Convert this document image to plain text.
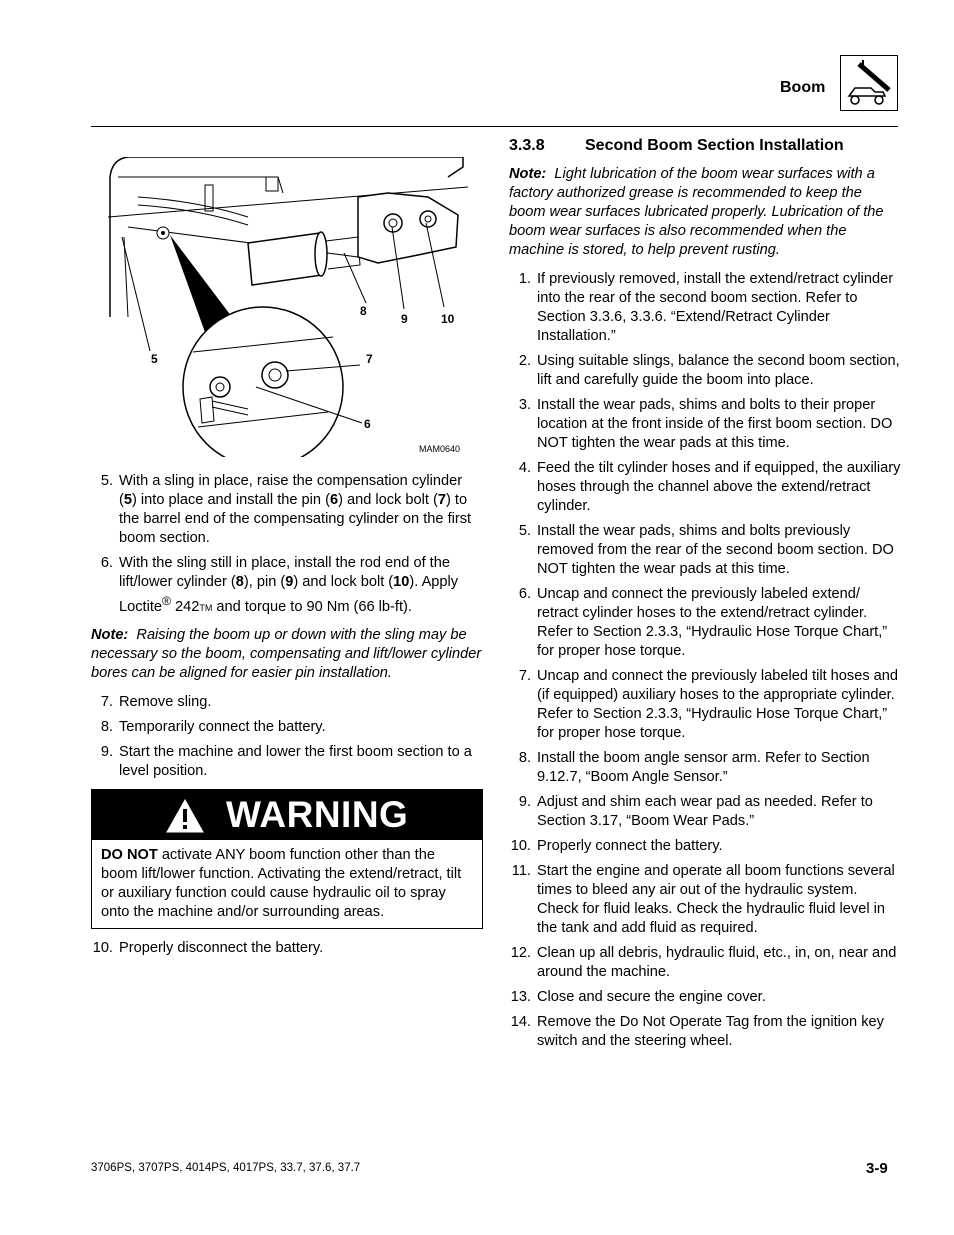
Boom
5	7
6
8
9	10
MAM0640
5. With a sling in place, raise the compensation cylinder (5) into place and install the pin (6) and lock bolt (7) to the barrel end of the compensating cylinder on the first boom section.
6. With the sling still in place, install the rod end of the lift/lower cylinder (8), pin (9) and lock bolt (10). Apply Loctite® 242TM and torque to 90 Nm (66 lb-ft).

Note: Raising the boom up or down with the sling may be necessary so the boom, compensating and lift/lower cylinder bores can be aligned for easier pin installation.

7. Remove sling.
8. Temporarily connect the battery.
9. Start the machine and lower the first boom section to a level position.
WARNING
DO NOT activate ANY boom function other than the boom lift/lower function. Activating the extend/retract, tilt or auxiliary function could cause hydraulic oil to spray onto the machine and/or surrounding areas.
10. Properly disconnect the battery.
3.3.8	Second Boom Section Installation

Note: Light lubrication of the boom wear surfaces with a factory authorized grease is recommended to keep the boom wear surfaces lubricated properly. Lubrication of the boom wear surfaces is also recommended when the machine is stored, to help prevent rusting.

1. If previously removed, install the extend/retract cylinder into the rear of the second boom section. Refer to Section 3.3.6, 3.3.6. “Extend/Retract Cylinder Installation.”
2. Using suitable slings, balance the second boom section, lift and carefully guide the boom into place.
3. Install the wear pads, shims and bolts to their proper location at the front inside of the first boom section. DO NOT tighten the wear pads at this time.
4. Feed the tilt cylinder hoses and if equipped, the auxiliary hoses through the channel above the extend/retract cylinder.
5. Install the wear pads, shims and bolts previously removed from the rear of the second boom section. DO NOT tighten the wear pads at this time.
6. Uncap and connect the previously labeled extend/ retract cylinder hoses to the extend/retract cylinder. Refer to Section 2.3.3, “Hydraulic Hose Torque Chart,” for proper hose torque.
7. Uncap and connect the previously labeled tilt hoses and (if equipped) auxiliary hoses to the appropriate cylinder. Refer to Section 2.3.3, “Hydraulic Hose Torque Chart,” for proper hose torque.
8. Install the boom angle sensor arm. Refer to Section 9.12.7, “Boom Angle Sensor.”
9. Adjust and shim each wear pad as needed. Refer to Section 3.17, “Boom Wear Pads.”
10. Properly connect the battery.
11. Start the engine and operate all boom functions several times to bleed any air out of the hydraulic system. Check for fluid leaks. Check the hydraulic fluid level in the tank and add fluid as required.
12. Clean up all debris, hydraulic fluid, etc., in, on, near and around the machine.
13. Close and secure the engine cover.
14. Remove the Do Not Operate Tag from the ignition key switch and the steering wheel.
3706PS, 3707PS, 4014PS, 4017PS, 33.7, 37.6, 37.7	3-9
